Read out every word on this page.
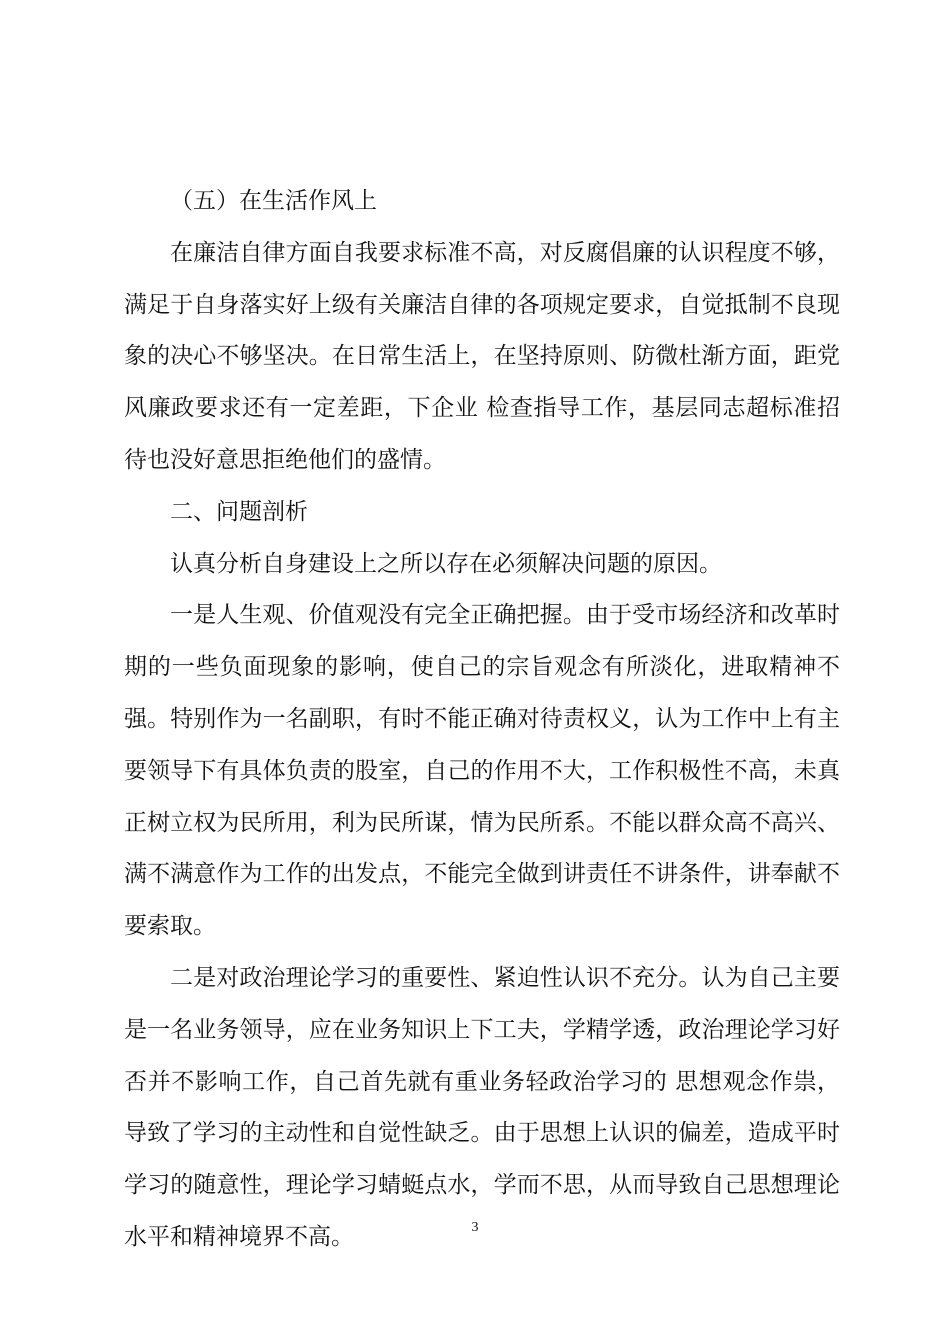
（五）在生活作风上

在廉洁自律方面自我要求标准不高，对反腐倡廉的认识程度不够，满足于自身落实好上级有关廉洁自律的各项规定要求，自觉抵制不良现象的决心不够坚决。在日常生活上，在坚持原则、防微杜渐方面，距党风廉政要求还有一定差距，下企业 检查指导工作，基层同志超标准招待也没好意思拒绝他们的盛情。

二、问题剖析

认真分析自身建设上之所以存在必须解决问题的原因。

一是人生观、价值观没有完全正确把握。由于受市场经济和改革时期的一些负面现象的影响，使自己的宗旨观念有所淡化，进取精神不强。特别作为一名副职，有时不能正确对待责权义，认为工作中上有主要领导下有具体负责的股室，自己的作用不大，工作积极性不高，未真正树立权为民所用，利为民所谋，情为民所系。不能以群众高不高兴、满不满意作为工作的出发点，不能完全做到讲责任不讲条件，讲奉献不要索取。

二是对政治理论学习的重要性、紧迫性认识不充分。认为自己主要是一名业务领导，应在业务知识上下工夫，学精学透，政治理论学习好否并不影响工作，自己首先就有重业务轻政治学习的 思想观念作祟，导致了学习的主动性和自觉性缺乏。由于思想上认识的偏差，造成平时学习的随意性，理论学习蜻蜓点水，学而不思，从而导致自己思想理论水平和精神境界不高。	3
